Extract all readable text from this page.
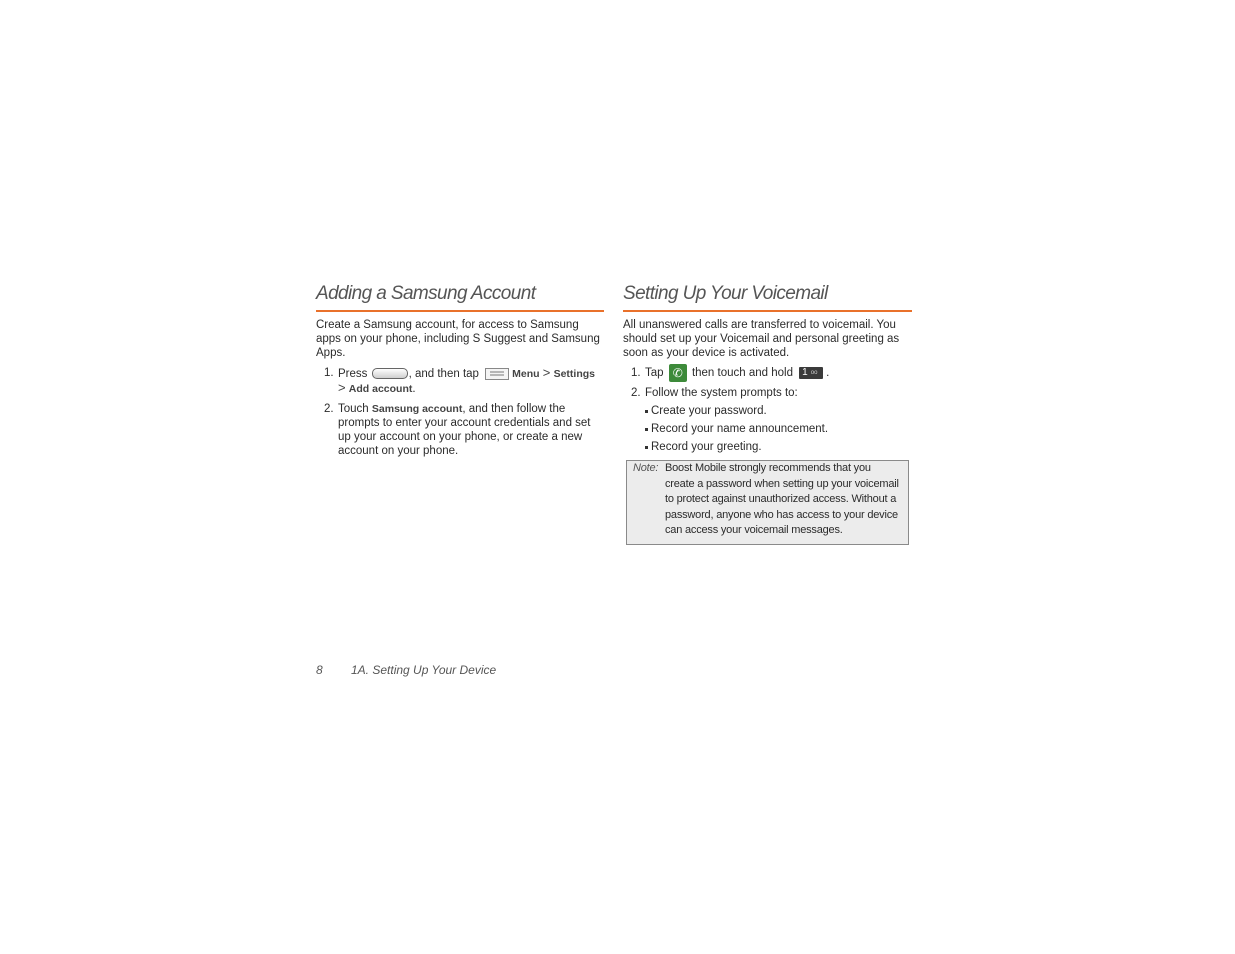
Adding a Samsung Account

Create a Samsung account, for access to Samsung apps on your phone, including S Suggest and Samsung Apps.

1. Press	, and then tap	Menu > Settings
> Add account.
2. Touch Samsung account, and then follow the prompts to enter your account credentials and set up your account on your phone, or create a new account on your phone.
Setting Up Your Voicemail

All unanswered calls are transferred to voicemail. You should set up your Voicemail and personal greeting as soon as your device is activated.

1. Tap ✆ then touch and hold 1 $^{oo}$ .
2. Follow the system prompts to:
Create your password.
Record your name announcement.
Record your greeting.
Note: Boost Mobile strongly recommends that you create a password when setting up your voicemail to protect against unauthorized access. Without a password, anyone who has access to your device can access your voicemail messages.
8	1A. Setting Up Your Device
